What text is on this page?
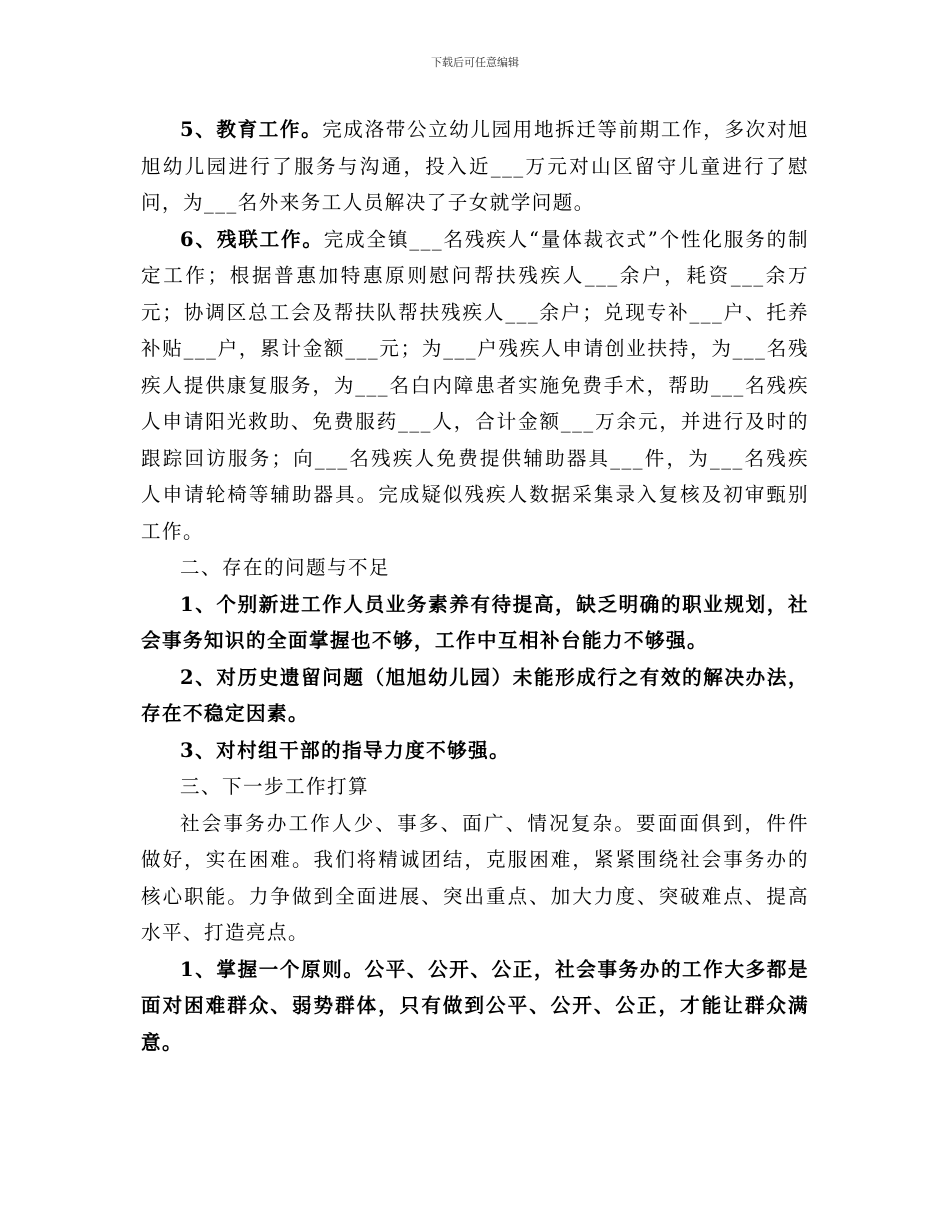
下载后可任意编辑

5、教育工作。完成洛带公立幼儿园用地拆迁等前期工作，多次对旭旭幼儿园进行了服务与沟通，投入近___万元对山区留守儿童进行了慰问，为___名外来务工人员解决了子女就学问题。

6、残联工作。完成全镇___名残疾人“量体裁衣式”个性化服务的制定工作；根据普惠加特惠原则慰问帮扶残疾人___余户，耗资___余万元；协调区总工会及帮扶队帮扶残疾人___余户；兑现专补___户、托养补贴___户，累计金额___元；为___户残疾人申请创业扶持，为___名残疾人提供康复服务，为___名白内障患者实施免费手术，帮助___名残疾人申请阳光救助、免费服药___人，合计金额___万余元，并进行及时的跟踪回访服务；向___名残疾人免费提供辅助器具___件，为___名残疾人申请轮椅等辅助器具。完成疑似残疾人数据采集录入复核及初审甄别工作。

二、存在的问题与不足

1、个别新进工作人员业务素养有待提高，缺乏明确的职业规划，社会事务知识的全面掌握也不够，工作中互相补台能力不够强。

2、对历史遗留问题（旭旭幼儿园）未能形成行之有效的解决办法，存在不稳定因素。

3、对村组干部的指导力度不够强。

三、下一步工作打算

社会事务办工作人少、事多、面广、情况复杂。要面面俱到，件件做好，实在困难。我们将精诚团结，克服困难，紧紧围绕社会事务办的核心职能。力争做到全面进展、突出重点、加大力度、突破难点、提高水平、打造亮点。

1、掌握一个原则。公平、公开、公正，社会事务办的工作大多都是面对困难群众、弱势群体，只有做到公平、公开、公正，才能让群众满意。
